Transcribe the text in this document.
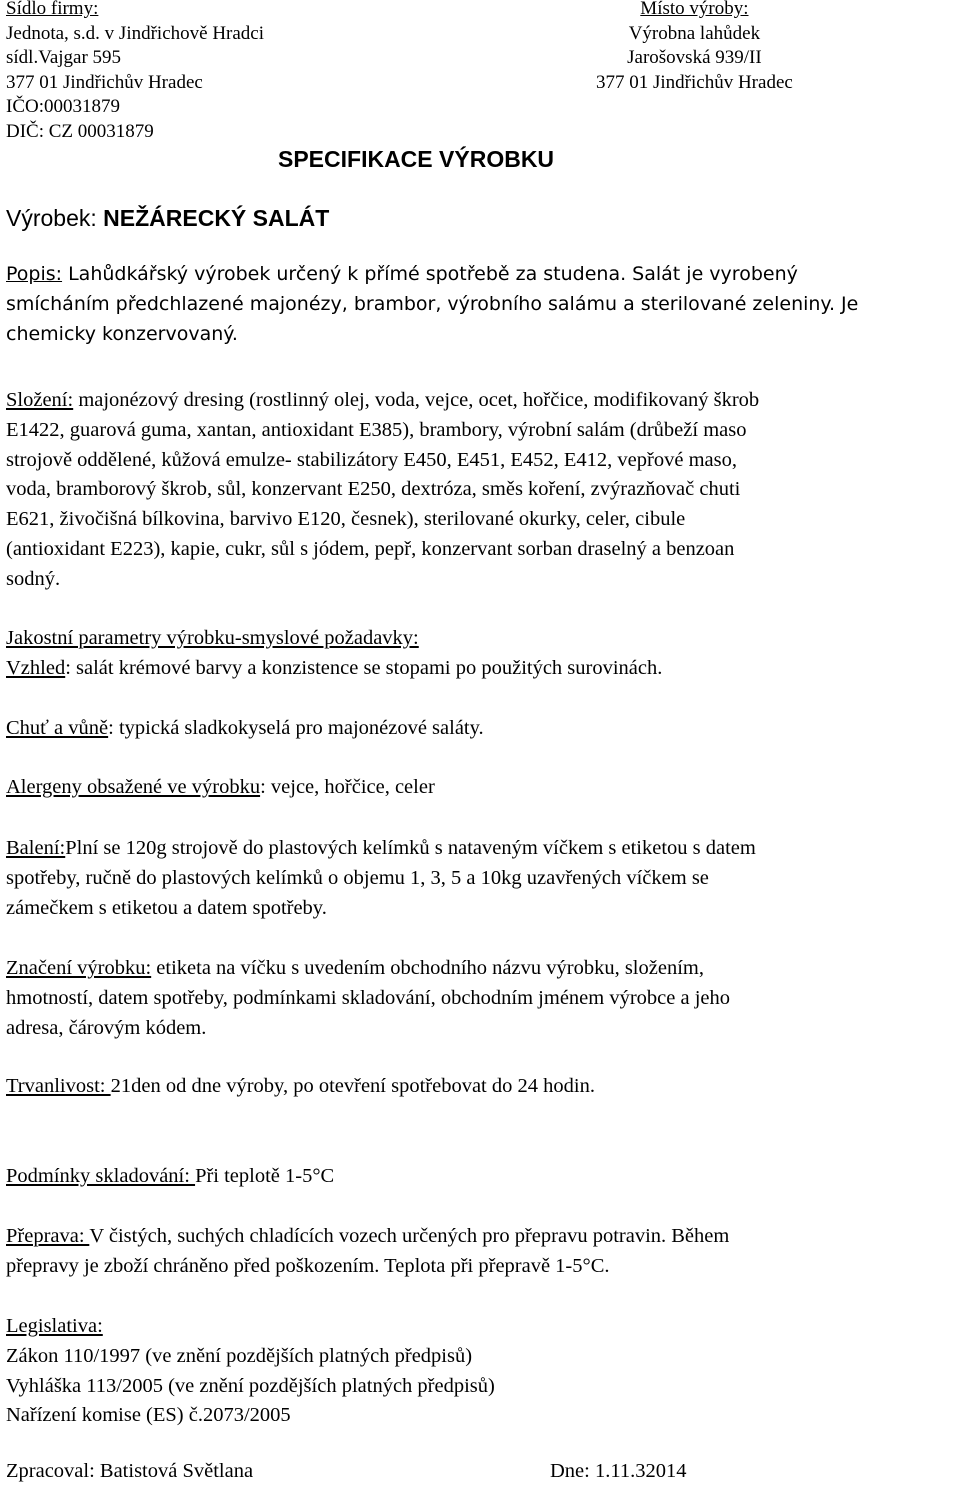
Sídlo firmy:
Jednota, s.d. v Jindřichově Hradci
sídl.Vajgar 595
377 01 Jindřichův Hradec
IČO:00031879
DIČ: CZ 00031879
Místo výroby:
Výrobna lahůdek
Jarošovská 939/II
377 01 Jindřichův Hradec
SPECIFIKACE VÝROBKU
Výrobek: NEŽÁRECKÝ SALÁT
Popis: Lahůdkářský výrobek určený k přímé spotřebě za studena. Salát je vyrobený
smícháním předchlazené majonézy, brambor, výrobního salámu a sterilované zeleniny. Je
chemicky konzervovaný.
Složení: majonézový dresing (rostlinný olej, voda, vejce, ocet, hořčice, modifikovaný škrob
E1422, guarová guma, xantan, antioxidant E385), brambory, výrobní salám (drůbeží maso
strojově oddělené, kůžová emulze- stabilizátory E450, E451, E452, E412, vepřové maso,
voda, bramborový škrob, sůl, konzervant E250, dextróza, směs koření, zvýrazňovač chuti
E621, živočišná bílkovina, barvivo E120, česnek), sterilované okurky, celer, cibule
(antioxidant E223), kapie, cukr, sůl s jódem, pepř, konzervant sorban draselný a benzoan
sodný.
Jakostní parametry výrobku-smyslové požadavky:
Vzhled: salát krémové barvy a konzistence se stopami po použitých surovinách.
Chuť a vůně: typická sladkokyselá pro majonézové saláty.
Alergeny obsažené ve výrobku: vejce, hořčice, celer
Balení:Plní se 120g strojově do plastových kelímků s nataveným víčkem s etiketou s datem
spotřeby, ručně do plastových kelímků o objemu 1, 3, 5 a 10kg uzavřených víčkem se
zámečkem s etiketou a datem spotřeby.
Značení výrobku: etiketa na víčku s uvedením obchodního názvu výrobku, složením,
hmotností, datem spotřeby, podmínkami skladování, obchodním jménem výrobce a jeho
adresa, čárovým kódem.
Trvanlivost: 21den od dne výroby, po otevření spotřebovat do 24 hodin.
Podmínky skladování: Při teplotě 1-5°C
Přeprava: V čistých, suchých chladících vozech určených pro přepravu potravin. Během
přepravy je zboží chráněno před poškozením. Teplota při přepravě 1-5°C.
Legislativa:
Zákon 110/1997 (ve znění pozdějších platných předpisů)
Vyhláška 113/2005 (ve znění pozdějších platných předpisů)
Nařízení komise (ES) č.2073/2005
Zpracoval: Batistová Světlana	Dne: 1.11.32014
